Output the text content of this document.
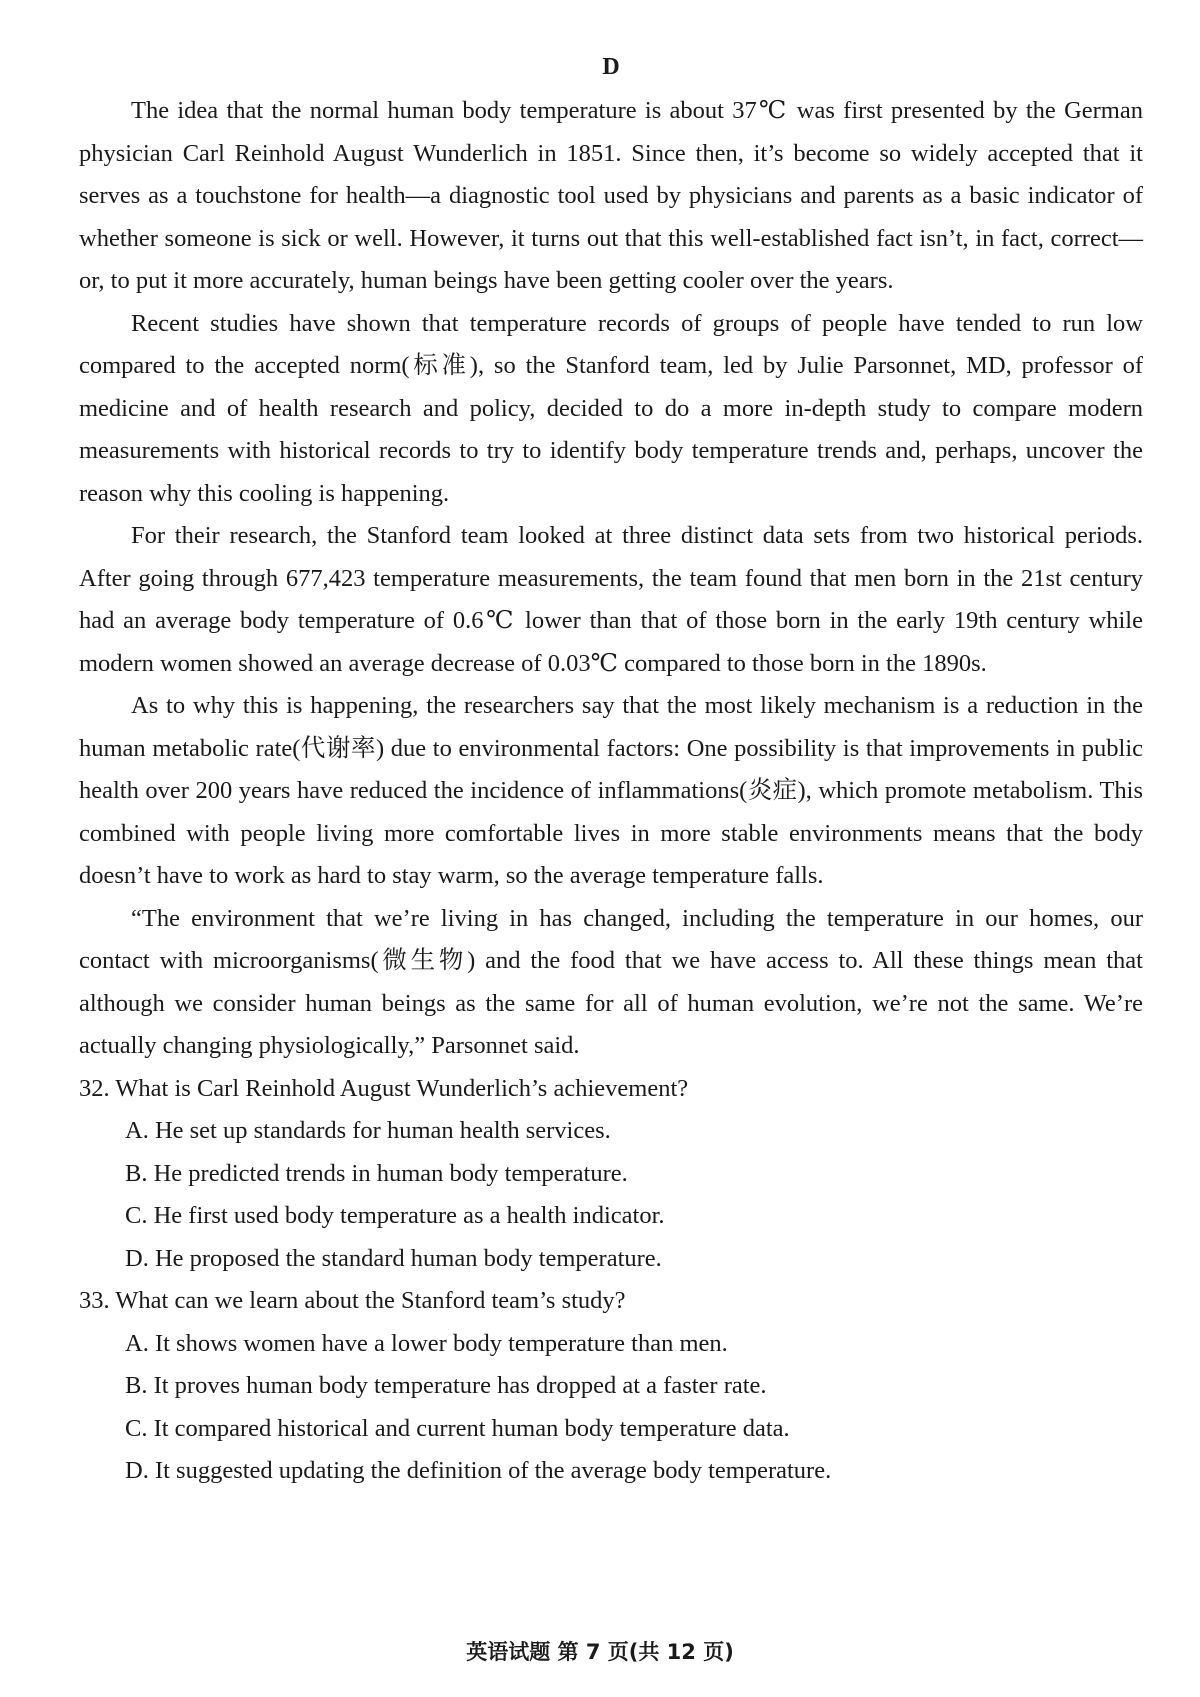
D

The idea that the normal human body temperature is about 37℃ was first presented by the German physician Carl Reinhold August Wunderlich in 1851. Since then, it’s become so widely accepted that it serves as a touchstone for health—a diagnostic tool used by physicians and parents as a basic indicator of whether someone is sick or well. However, it turns out that this well-established fact isn’t, in fact, correct—or, to put it more accurately, human beings have been getting cooler over the years.

Recent studies have shown that temperature records of groups of people have tended to run low compared to the accepted norm(标准), so the Stanford team, led by Julie Parsonnet, MD, professor of medicine and of health research and policy, decided to do a more in-depth study to compare modern measurements with historical records to try to identify body temperature trends and, perhaps, uncover the reason why this cooling is happening.

For their research, the Stanford team looked at three distinct data sets from two historical periods. After going through 677,423 temperature measurements, the team found that men born in the 21st century had an average body temperature of 0.6℃ lower than that of those born in the early 19th century while modern women showed an average decrease of 0.03℃ compared to those born in the 1890s.

As to why this is happening, the researchers say that the most likely mechanism is a reduction in the human metabolic rate(代谢率) due to environmental factors: One possibility is that improvements in public health over 200 years have reduced the incidence of inflammations(炎症), which promote metabolism. This combined with people living more comfortable lives in more stable environments means that the body doesn’t have to work as hard to stay warm, so the average temperature falls.

“The environment that we’re living in has changed, including the temperature in our homes, our contact with microorganisms(微生物) and the food that we have access to. All these things mean that although we consider human beings as the same for all of human evolution, we’re not the same. We’re actually changing physiologically,” Parsonnet said.

32. What is Carl Reinhold August Wunderlich’s achievement?

A. He set up standards for human health services.
B. He predicted trends in human body temperature.
C. He first used body temperature as a health indicator.
D. He proposed the standard human body temperature.

33. What can we learn about the Stanford team’s study?

A. It shows women have a lower body temperature than men.
B. It proves human body temperature has dropped at a faster rate.
C. It compared historical and current human body temperature data.
D. It suggested updating the definition of the average body temperature.
英语试题 第 7 页(共 12 页)
